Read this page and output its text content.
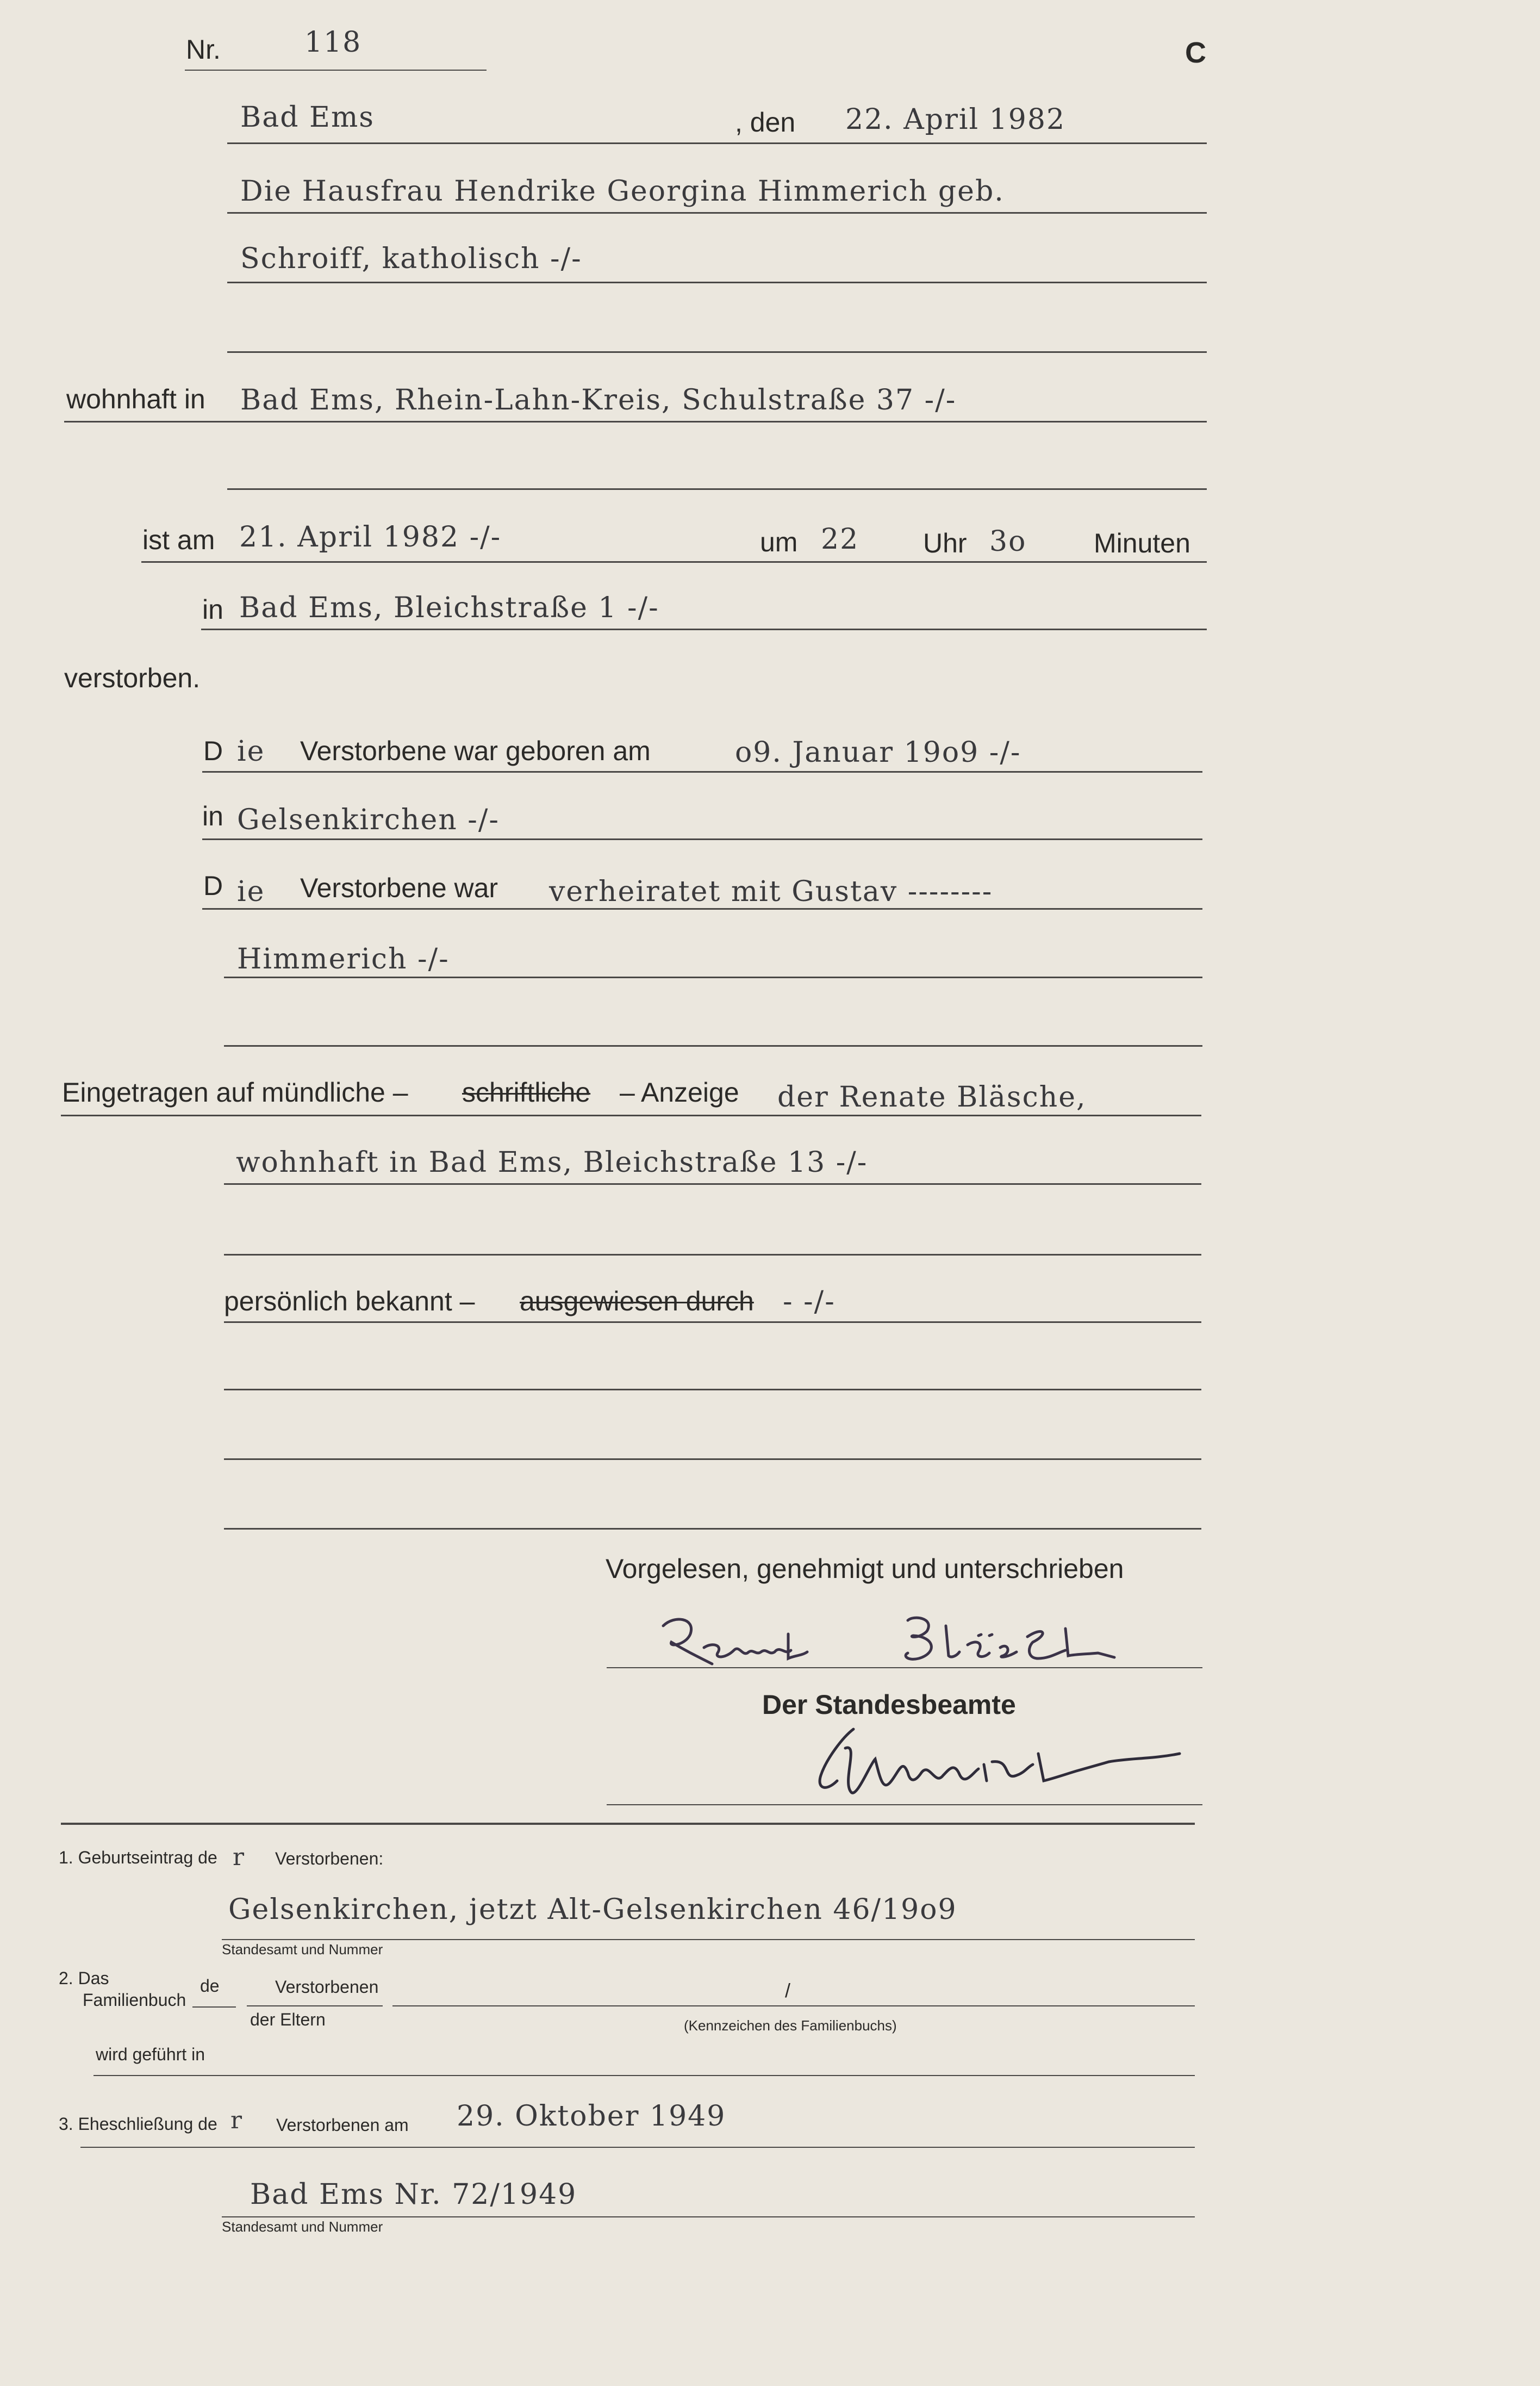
Nr.	118	C
Bad Ems	, den 22. April 1982
Die Hausfrau Hendrike Georgina Himmerich geb.
Schroiff, katholisch -/-
wohnhaft in Bad Ems, Rhein-Lahn-Kreis, Schulstraße 37 -/-
ist am 21. April 1982 -/-	um 22 Uhr 3o Minuten
in Bad Ems, Bleichstraße 1 -/-
verstorben.
D ie Verstorbene war geboren am	o9. Januar 19o9 -/-
in Gelsenkirchen -/-
D ie Verstorbene war verheiratet mit Gustav --------
Himmerich -/-
Eingetragen auf mündliche – schriftliche – Anzeige der Renate Bläsche,
wohnhaft in Bad Ems, Bleichstraße 13 -/-
persönlich bekannt – ausgewiesen durch - -/-
Vorgelesen, genehmigt und unterschrieben
Der Standesbeamte
1. Geburtseintrag de r Verstorbenen:
Gelsenkirchen, jetzt Alt-Gelsenkirchen 46/19o9
Standesamt und Nummer
2. Das
Familienbuch
de	Verstorbenen
der Eltern
/
(Kennzeichen des Familienbuchs)
wird geführt in
3. Eheschließung de r Verstorbenen am 29. Oktober 1949
Bad Ems Nr. 72/1949
Standesamt und Nummer
